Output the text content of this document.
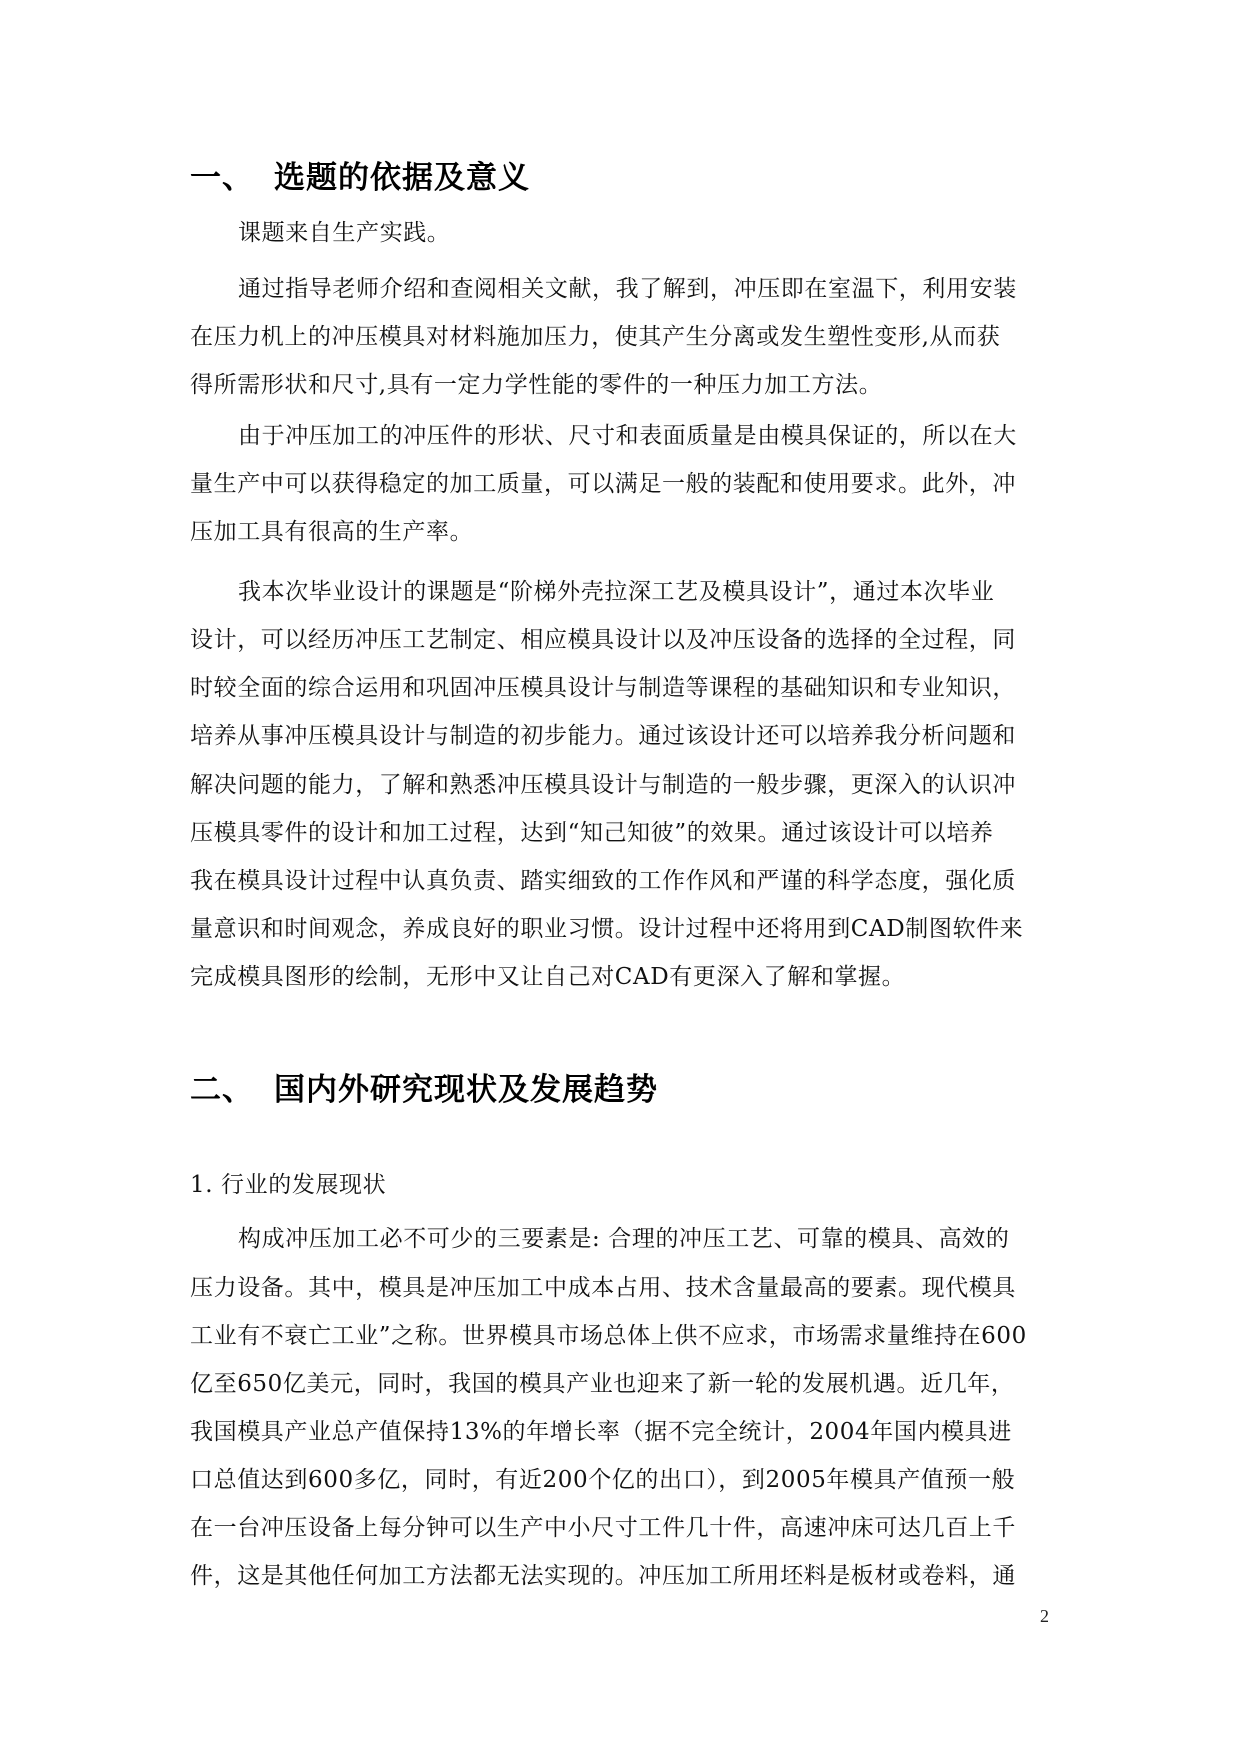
一、 选题的依据及意义
课题来自生产实践。
通过指导老师介绍和查阅相关文献，我了解到，冲压即在室温下，利用安装
在压力机上的冲压模具对材料施加压力，使其产生分离或发生塑性变形,从而获
得所需形状和尺寸,具有一定力学性能的零件的一种压力加工方法。
由于冲压加工的冲压件的形状、尺寸和表面质量是由模具保证的，所以在大
量生产中可以获得稳定的加工质量，可以满足一般的装配和使用要求。此外，冲
压加工具有很高的生产率。
我本次毕业设计的课题是“阶梯外壳拉深工艺及模具设计”，通过本次毕业
设计，可以经历冲压工艺制定、相应模具设计以及冲压设备的选择的全过程，同
时较全面的综合运用和巩固冲压模具设计与制造等课程的基础知识和专业知识，
培养从事冲压模具设计与制造的初步能力。通过该设计还可以培养我分析问题和
解决问题的能力，了解和熟悉冲压模具设计与制造的一般步骤，更深入的认识冲
压模具零件的设计和加工过程，达到“知己知彼”的效果。通过该设计可以培养
我在模具设计过程中认真负责、踏实细致的工作作风和严谨的科学态度，强化质
量意识和时间观念，养成良好的职业习惯。设计过程中还将用到CAD制图软件来
完成模具图形的绘制，无形中又让自己对CAD有更深入了解和掌握。
二、 国内外研究现状及发展趋势
1. 行业的发展现状
构成冲压加工必不可少的三要素是: 合理的冲压工艺、可靠的模具、高效的
压力设备。其中，模具是冲压加工中成本占用、技术含量最高的要素。现代模具
工业有不衰亡工业”之称。世界模具市场总体上供不应求，市场需求量维持在600
亿至650亿美元，同时，我国的模具产业也迎来了新一轮的发展机遇。近几年，
我国模具产业总产值保持13%的年增长率（据不完全统计，2004年国内模具进
口总值达到600多亿，同时，有近200个亿的出口），到2005年模具产值预一般
在一台冲压设备上每分钟可以生产中小尺寸工件几十件，高速冲床可达几百上千
件，这是其他任何加工方法都无法实现的。冲压加工所用坯料是板材或卷料，通
2
